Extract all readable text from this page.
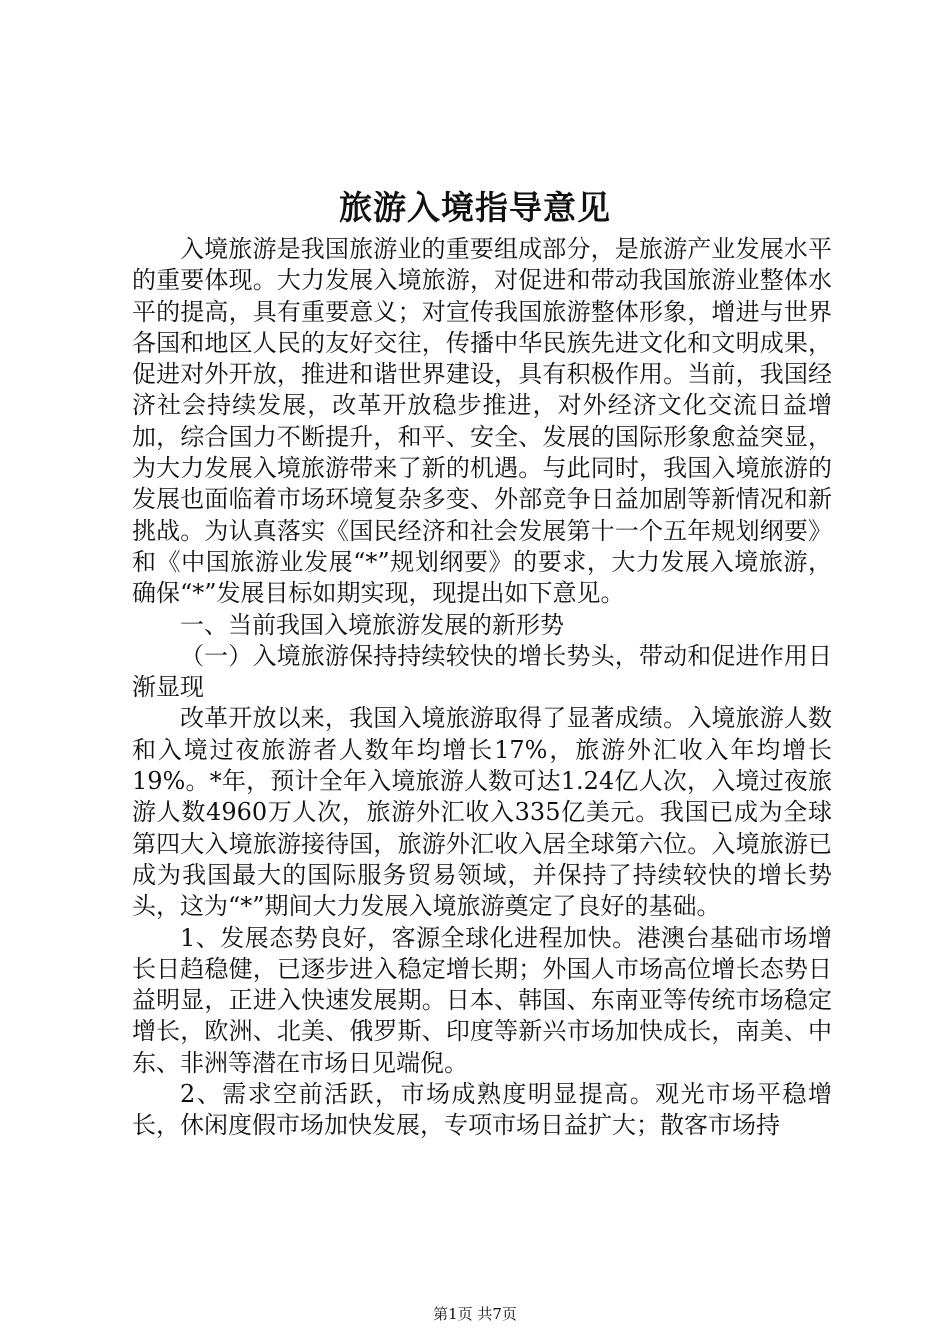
旅游入境指导意见

入境旅游是我国旅游业的重要组成部分，是旅游产业发展水平的重要体现。大力发展入境旅游，对促进和带动我国旅游业整体水平的提高，具有重要意义；对宣传我国旅游整体形象，增进与世界各国和地区人民的友好交往，传播中华民族先进文化和文明成果，促进对外开放，推进和谐世界建设，具有积极作用。当前，我国经济社会持续发展，改革开放稳步推进，对外经济文化交流日益增加，综合国力不断提升，和平、安全、发展的国际形象愈益突显，为大力发展入境旅游带来了新的机遇。与此同时，我国入境旅游的发展也面临着市场环境复杂多变、外部竞争日益加剧等新情况和新挑战。为认真落实《国民经济和社会发展第十一个五年规划纲要》和《中国旅游业发展“*”规划纲要》的要求，大力发展入境旅游，确保“*”发展目标如期实现，现提出如下意见。

一、当前我国入境旅游发展的新形势

（一）入境旅游保持持续较快的增长势头，带动和促进作用日渐显现

改革开放以来，我国入境旅游取得了显著成绩。入境旅游人数和入境过夜旅游者人数年均增长17%，旅游外汇收入年均增长19%。*年，预计全年入境旅游人数可达1.24亿人次，入境过夜旅游人数4960万人次，旅游外汇收入335亿美元。我国已成为全球第四大入境旅游接待国，旅游外汇收入居全球第六位。入境旅游已成为我国最大的国际服务贸易领域，并保持了持续较快的增长势头，这为“*”期间大力发展入境旅游奠定了良好的基础。

1、发展态势良好，客源全球化进程加快。港澳台基础市场增长日趋稳健，已逐步进入稳定增长期；外国人市场高位增长态势日益明显，正进入快速发展期。日本、韩国、东南亚等传统市场稳定增长，欧洲、北美、俄罗斯、印度等新兴市场加快成长，南美、中东、非洲等潜在市场日见端倪。

2、需求空前活跃，市场成熟度明显提高。观光市场平稳增长，休闲度假市场加快发展，专项市场日益扩大；散客市场持

第1页 共7页
